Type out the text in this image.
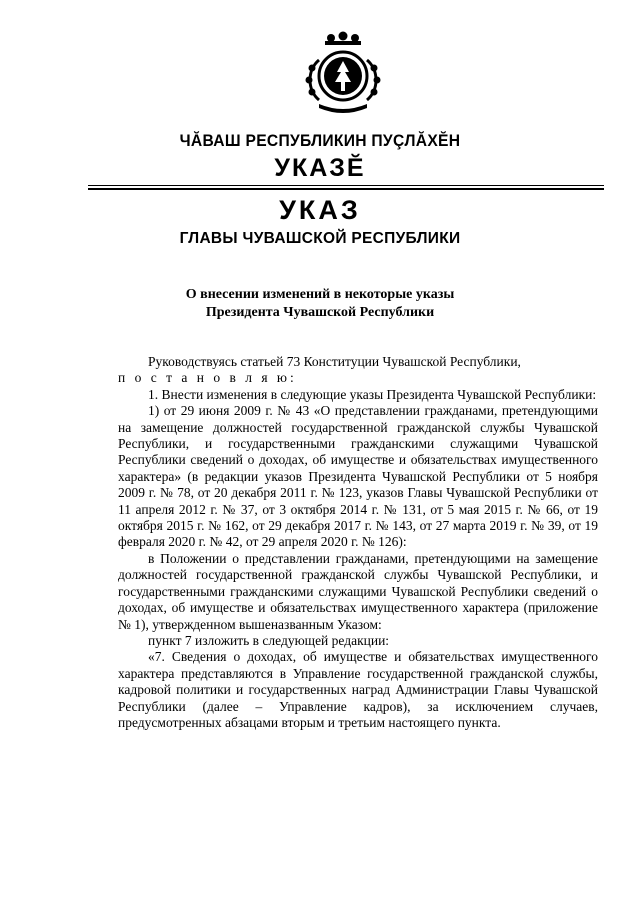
ЧĂВАШ РЕСПУБЛИКИН ПУÇЛĂХĔН
УКАЗĔ
УКАЗ
ГЛАВЫ ЧУВАШСКОЙ РЕСПУБЛИКИ
О внесении изменений в некоторые указы
Президента Чувашской Республики

Руководствуясь статьей 73 Конституции Чувашской Республики,

п о с т а н о в л я ю:

1. Внести изменения в следующие указы Президента Чувашской Республики:

1) от 29 июня 2009 г. № 43 «О представлении гражданами, претендующими на замещение должностей государственной гражданской службы Чувашской Республики, и государственными гражданскими служащими Чувашской Республики сведений о доходах, об имуществе и обязательствах имущественного характера» (в редакции указов Президента Чувашской Республики от 5 ноября 2009 г. № 78, от 20 декабря 2011 г. № 123, указов Главы Чувашской Республики от 11 апреля 2012 г. № 37, от 3 октября 2014 г. № 131, от 5 мая 2015 г. № 66, от 19 октября 2015 г. № 162, от 29 декабря 2017 г. № 143, от 27 марта 2019 г. № 39, от 19 февраля 2020 г. № 42, от 29 апреля 2020 г. № 126):

в Положении о представлении гражданами, претендующими на замещение должностей государственной гражданской службы Чувашской Республики, и государственными гражданскими служащими Чувашской Республики сведений о доходах, об имуществе и обязательствах имущественного характера (приложение № 1), утвержденном вышеназванным Указом:

пункт 7 изложить в следующей редакции:

«7. Сведения о доходах, об имуществе и обязательствах имущественного характера представляются в Управление государственной гражданской службы, кадровой политики и государственных наград Администрации Главы Чувашской Республики (далее – Управление кадров), за исключением случаев, предусмотренных абзацами вторым и третьим настоящего пункта.
